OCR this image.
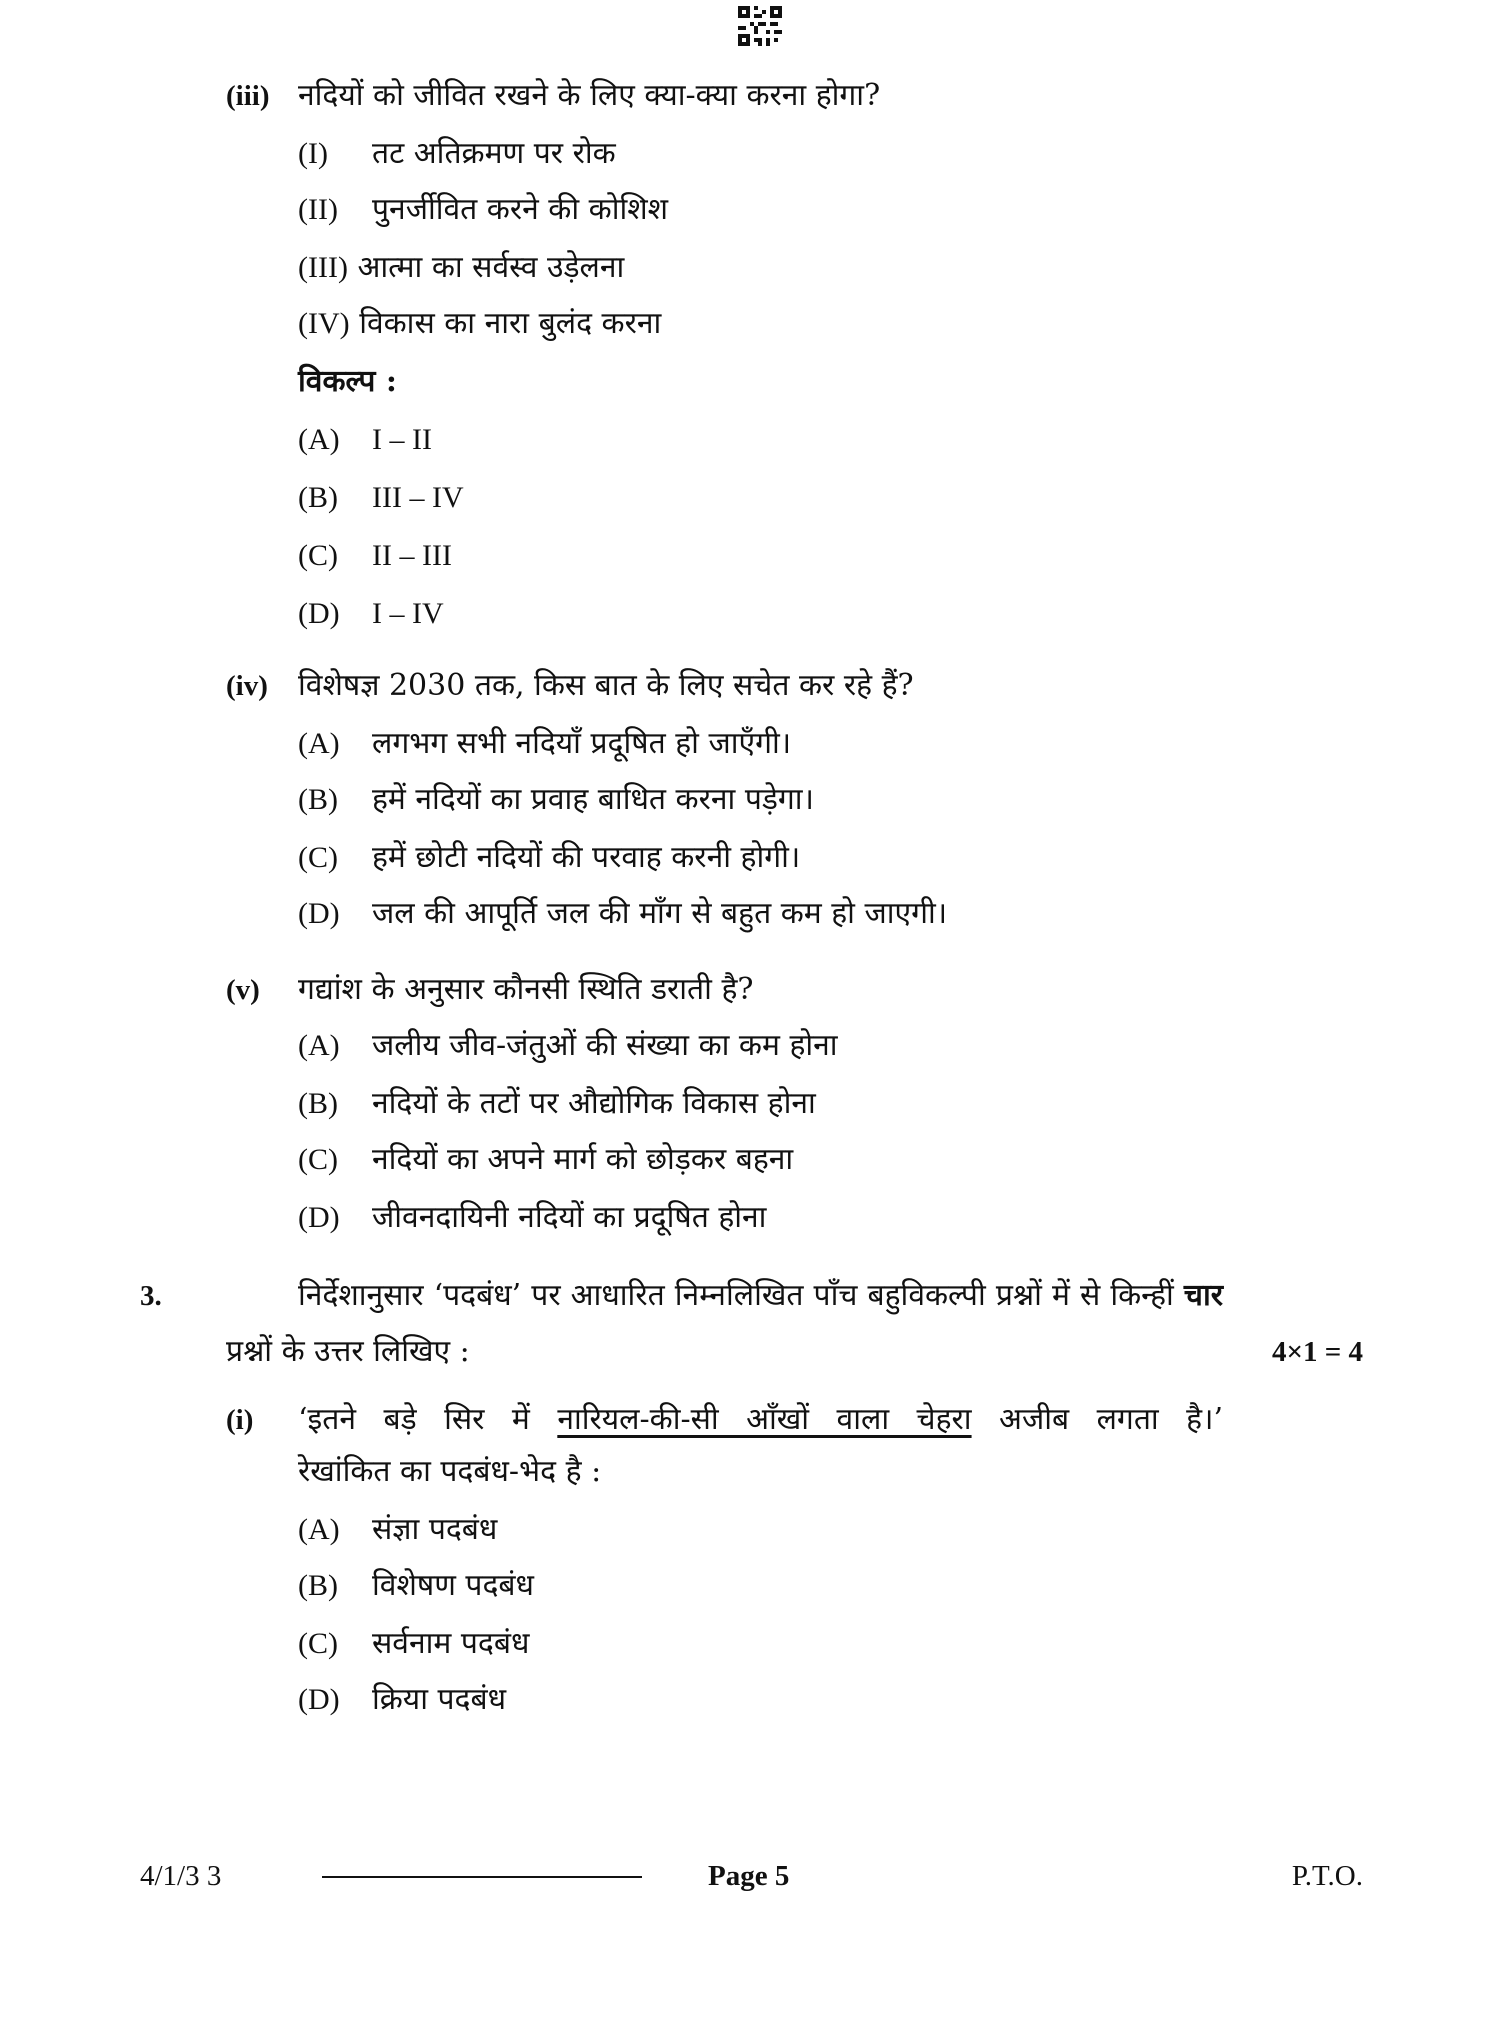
(iii) नदियों को जीवित रखने के लिए क्या-क्या करना होगा?
(I) तट अतिक्रमण पर रोक
(II) पुनर्जीवित करने की कोशिश
(III) आत्मा का सर्वस्व उड़ेलना
(IV) विकास का नारा बुलंद करना
विकल्प :
(A) I – II
(B) III – IV
(C) II – III
(D) I – IV
(iv) विशेषज्ञ 2030 तक, किस बात के लिए सचेत कर रहे हैं?
(A) लगभग सभी नदियाँ प्रदूषित हो जाएँगी।
(B) हमें नदियों का प्रवाह बाधित करना पड़ेगा।
(C) हमें छोटी नदियों की परवाह करनी होगी।
(D) जल की आपूर्ति जल की माँग से बहुत कम हो जाएगी।
(v) गद्यांश के अनुसार कौनसी स्थिति डराती है?
(A) जलीय जीव-जंतुओं की संख्या का कम होना
(B) नदियों के तटों पर औद्योगिक विकास होना
(C) नदियों का अपने मार्ग को छोड़कर बहना
(D) जीवनदायिनी नदियों का प्रदूषित होना
3.	निर्देशानुसार ‘पदबंध’ पर आधारित निम्नलिखित पाँच बहुविकल्पी प्रश्नों में से किन्हीं चार
प्रश्नों के उत्तर लिखिए :	4×1 = 4
(i) ‘इतने बड़े सिर में नारियल-की-सी आँखों वाला चेहरा अजीब लगता है।’
रेखांकित का पदबंध-भेद है :
(A) संज्ञा पदबंध
(B) विशेषण पदबंध
(C) सर्वनाम पदबंध
(D) क्रिया पदबंध
4/1/3 3	Page 5	P.T.O.
